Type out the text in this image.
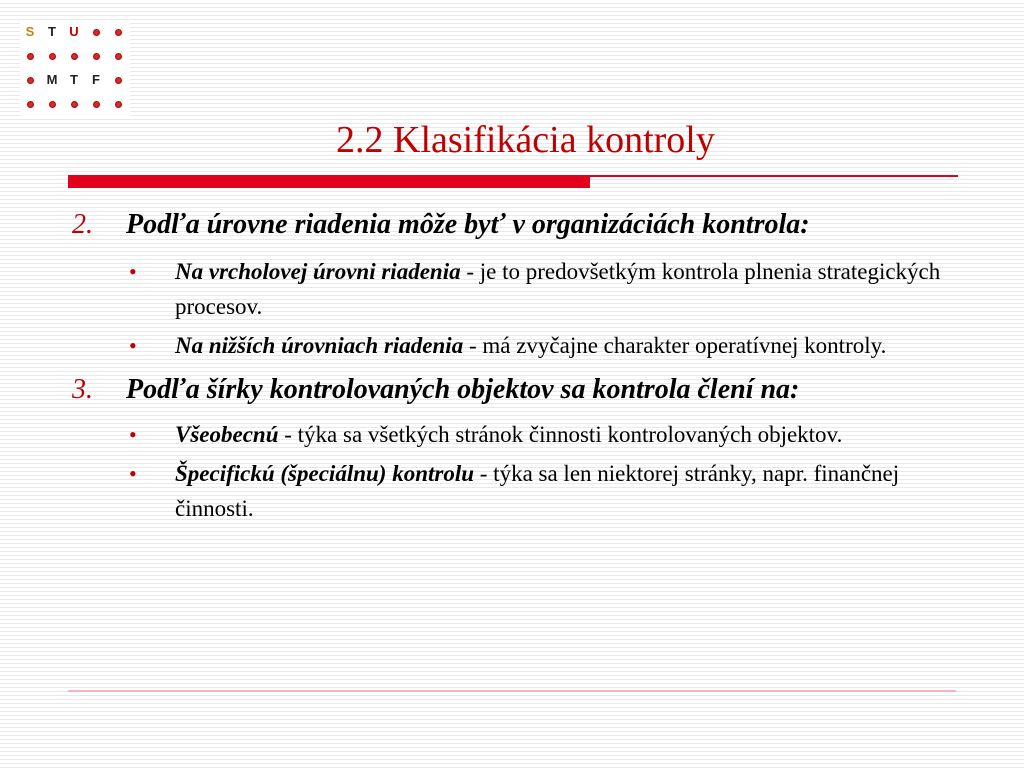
S	T	U
M T	F
2.2 Klasifikácia kontroly
2. Podľa úrovne riadenia môže byť v organizáciách kontrola:
• Na vrcholovej úrovni riadenia - je to predovšetkým kontrola plnenia strategických procesov.
• Na nižších úrovniach riadenia - má zvyčajne charakter operatívnej kontroly.
3. Podľa šírky kontrolovaných objektov sa kontrola člení na:
• Všeobecnú - týka sa všetkých stránok činnosti kontrolovaných objektov.
• Špecifickú (špeciálnu) kontrolu - týka sa len niektorej stránky, napr. finančnej činnosti.
